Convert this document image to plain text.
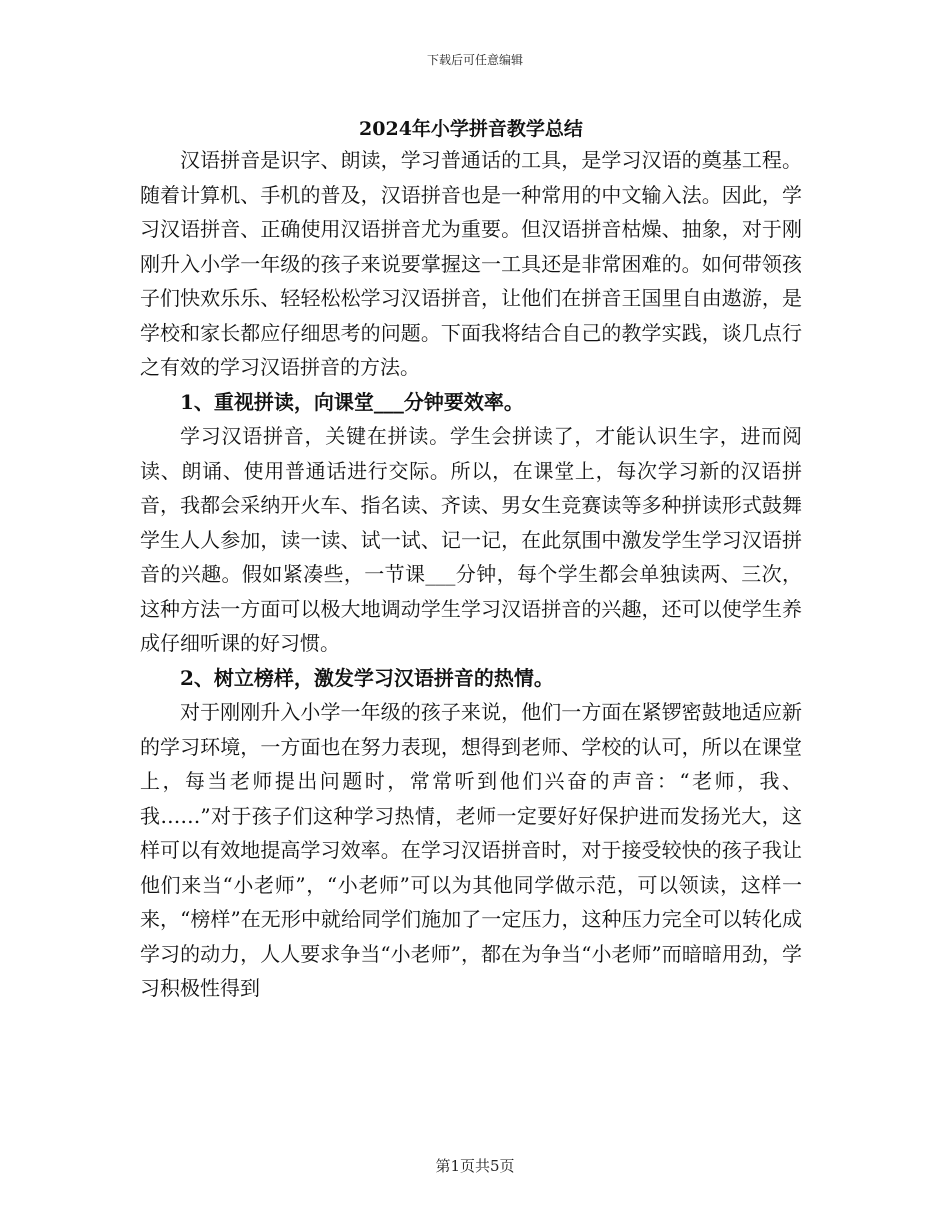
下载后可任意编辑
2024年小学拼音教学总结

汉语拼音是识字、朗读，学习普通话的工具，是学习汉语的奠基工程。随着计算机、手机的普及，汉语拼音也是一种常用的中文输入法。因此，学习汉语拼音、正确使用汉语拼音尤为重要。但汉语拼音枯燥、抽象，对于刚刚升入小学一年级的孩子来说要掌握这一工具还是非常困难的。如何带领孩子们快欢乐乐、轻轻松松学习汉语拼音，让他们在拼音王国里自由遨游，是学校和家长都应仔细思考的问题。下面我将结合自己的教学实践，谈几点行之有效的学习汉语拼音的方法。

1、重视拼读，向课堂___分钟要效率。

学习汉语拼音，关键在拼读。学生会拼读了，才能认识生字，进而阅读、朗诵、使用普通话进行交际。所以，在课堂上，每次学习新的汉语拼音，我都会采纳开火车、指名读、齐读、男女生竞赛读等多种拼读形式鼓舞学生人人参加，读一读、试一试、记一记，在此氛围中激发学生学习汉语拼音的兴趣。假如紧凑些，一节课___分钟，每个学生都会单独读两、三次，这种方法一方面可以极大地调动学生学习汉语拼音的兴趣，还可以使学生养成仔细听课的好习惯。

2、树立榜样，激发学习汉语拼音的热情。

对于刚刚升入小学一年级的孩子来说，他们一方面在紧锣密鼓地适应新的学习环境，一方面也在努力表现，想得到老师、学校的认可，所以在课堂上，每当老师提出问题时，常常听到他们兴奋的声音：“老师，我、我……”对于孩子们这种学习热情，老师一定要好好保护进而发扬光大，这样可以有效地提高学习效率。在学习汉语拼音时，对于接受较快的孩子我让他们来当“小老师”，“小老师”可以为其他同学做示范，可以领读，这样一来，“榜样”在无形中就给同学们施加了一定压力，这种压力完全可以转化成学习的动力，人人要求争当“小老师”，都在为争当“小老师”而暗暗用劲，学习积极性得到

第1页共5页
